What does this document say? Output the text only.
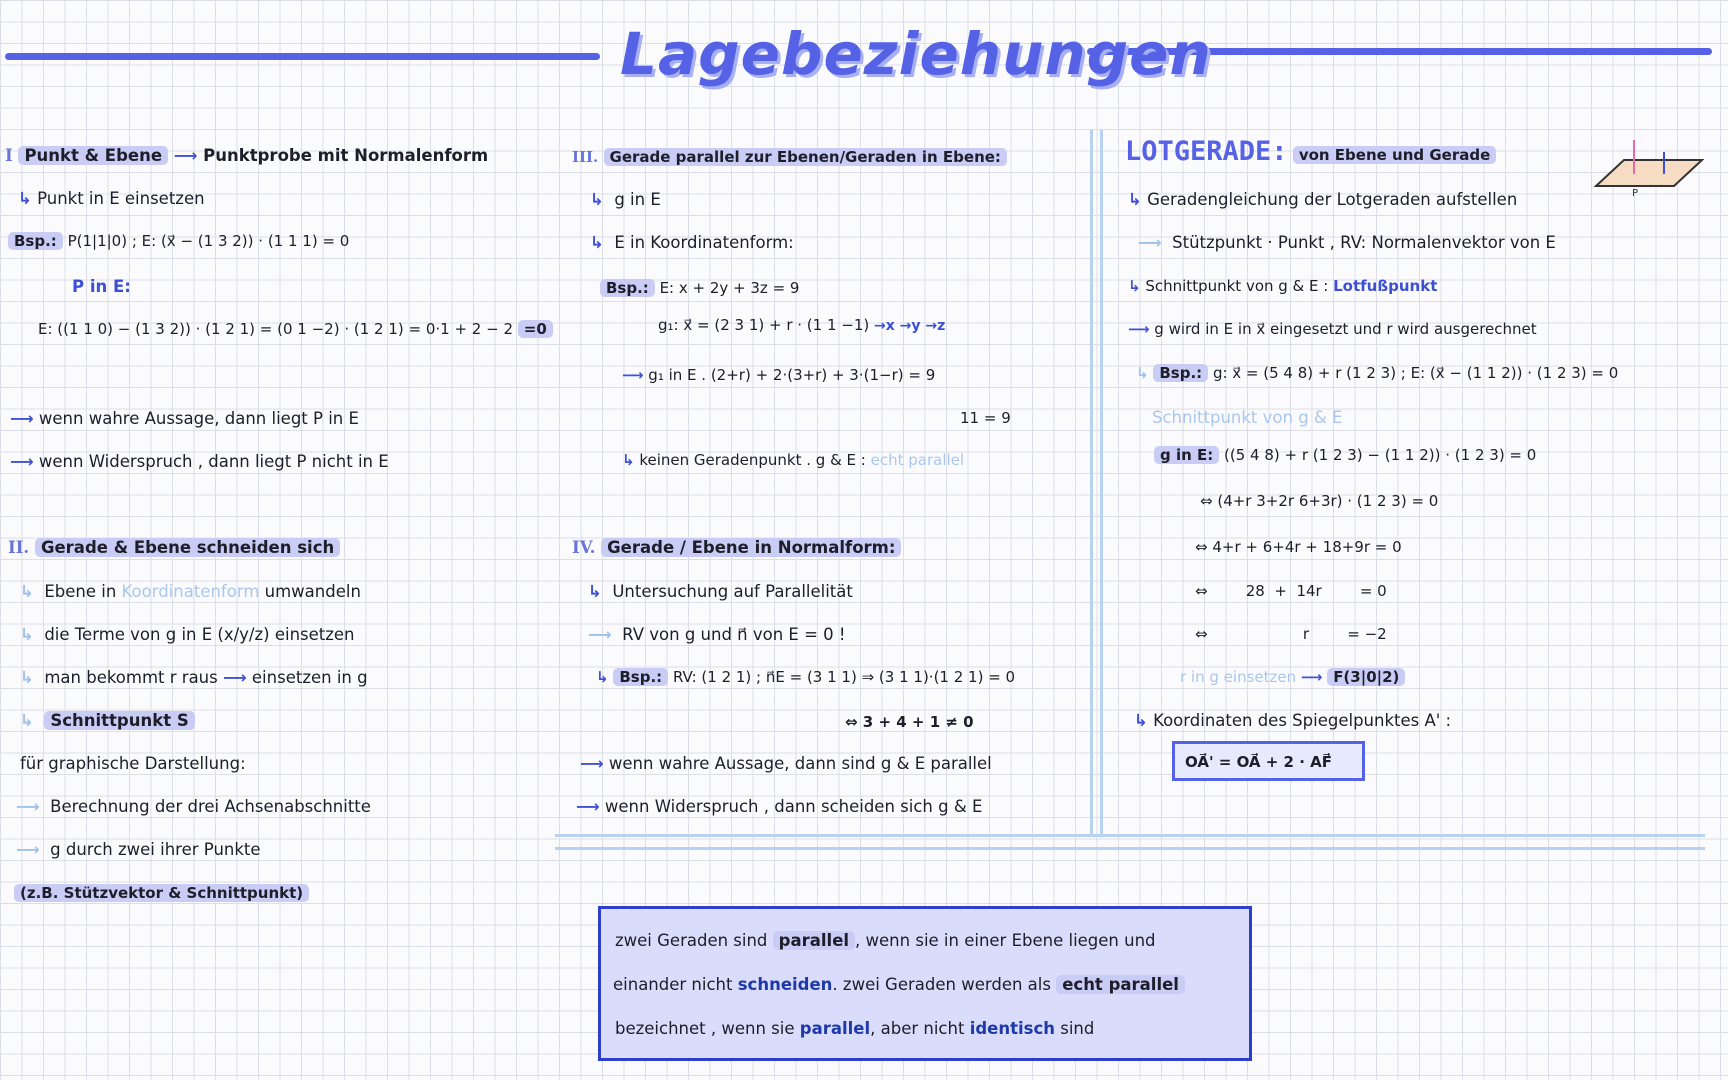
Lagebeziehungen
I Punkt & Ebene ⟶ Punktprobe mit Normalenform
↳ Punkt in E einsetzen
Bsp.: P(1|1|0) ; E: (x⃗ − (1 3 2)) · (1 1 1) = 0
P in E:
E: ((1 1 0) − (1 3 2)) · (1 2 1) = (0 1 −2) · (1 2 1) = 0·1 + 2 − 2 =0
⟶ wenn wahre Aussage, dann liegt P in E
⟶ wenn Widerspruch , dann liegt P nicht in E
II. Gerade & Ebene schneiden sich
↳ Ebene in Koordinatenform umwandeln
↳ die Terme von g in E (x/y/z) einsetzen
↳ man bekommt r raus ⟶ einsetzen in g
↳ Schnittpunkt S
für graphische Darstellung:
⟶ Berechnung der drei Achsenabschnitte
⟶ g durch zwei ihrer Punkte
(z.B. Stützvektor & Schnittpunkt)
III. Gerade parallel zur Ebenen/Geraden in Ebene:
↳ g in E
↳ E in Koordinatenform:
Bsp.: E: x + 2y + 3z = 9
g₁: x⃗ = (2 3 1) + r · (1 1 −1) →x →y →z
⟶ g₁ in E . (2+r) + 2·(3+r) + 3·(1−r) = 9
11 = 9
↳ keinen Geradenpunkt . g & E : echt parallel
IV. Gerade / Ebene in Normalform:
↳ Untersuchung auf Parallelität
⟶ RV von g und n⃗ von E = 0 !
↳ Bsp.: RV: (1 2 1) ; n⃗E = (3 1 1) ⇒ (3 1 1)·(1 2 1) = 0
⇔ 3 + 4 + 1 ≠ 0
⟶ wenn wahre Aussage, dann sind g & E parallel
⟶ wenn Widerspruch , dann scheiden sich g & E
LOTGERADE: von Ebene und Gerade
P
↳ Geradengleichung der Lotgeraden aufstellen
⟶ Stützpunkt · Punkt , RV: Normalenvektor von E
↳ Schnittpunkt von g & E : Lotfußpunkt
⟶ g wird in E in x⃗ eingesetzt und r wird ausgerechnet
↳ Bsp.: g: x⃗ = (5 4 8) + r (1 2 3) ; E: (x⃗ − (1 1 2)) · (1 2 3) = 0
Schnittpunkt von g & E
g in E: ((5 4 8) + r (1 2 3) − (1 1 2)) · (1 2 3) = 0
⇔ (4+r 3+2r 6+3r) · (1 2 3) = 0
⇔ 4+r + 6+4r + 18+9r = 0
⇔        28  +  14r        = 0
⇔                    r        = −2
r in g einsetzen ⟶ F(3|0|2)
↳ Koordinaten des Spiegelpunktes A' :
OA⃗' = OA⃗ + 2 · AF⃗
zwei Geraden sind parallel , wenn sie in einer Ebene liegen und
einander nicht schneiden. zwei Geraden werden als echt parallel
bezeichnet , wenn sie parallel, aber nicht identisch sind
